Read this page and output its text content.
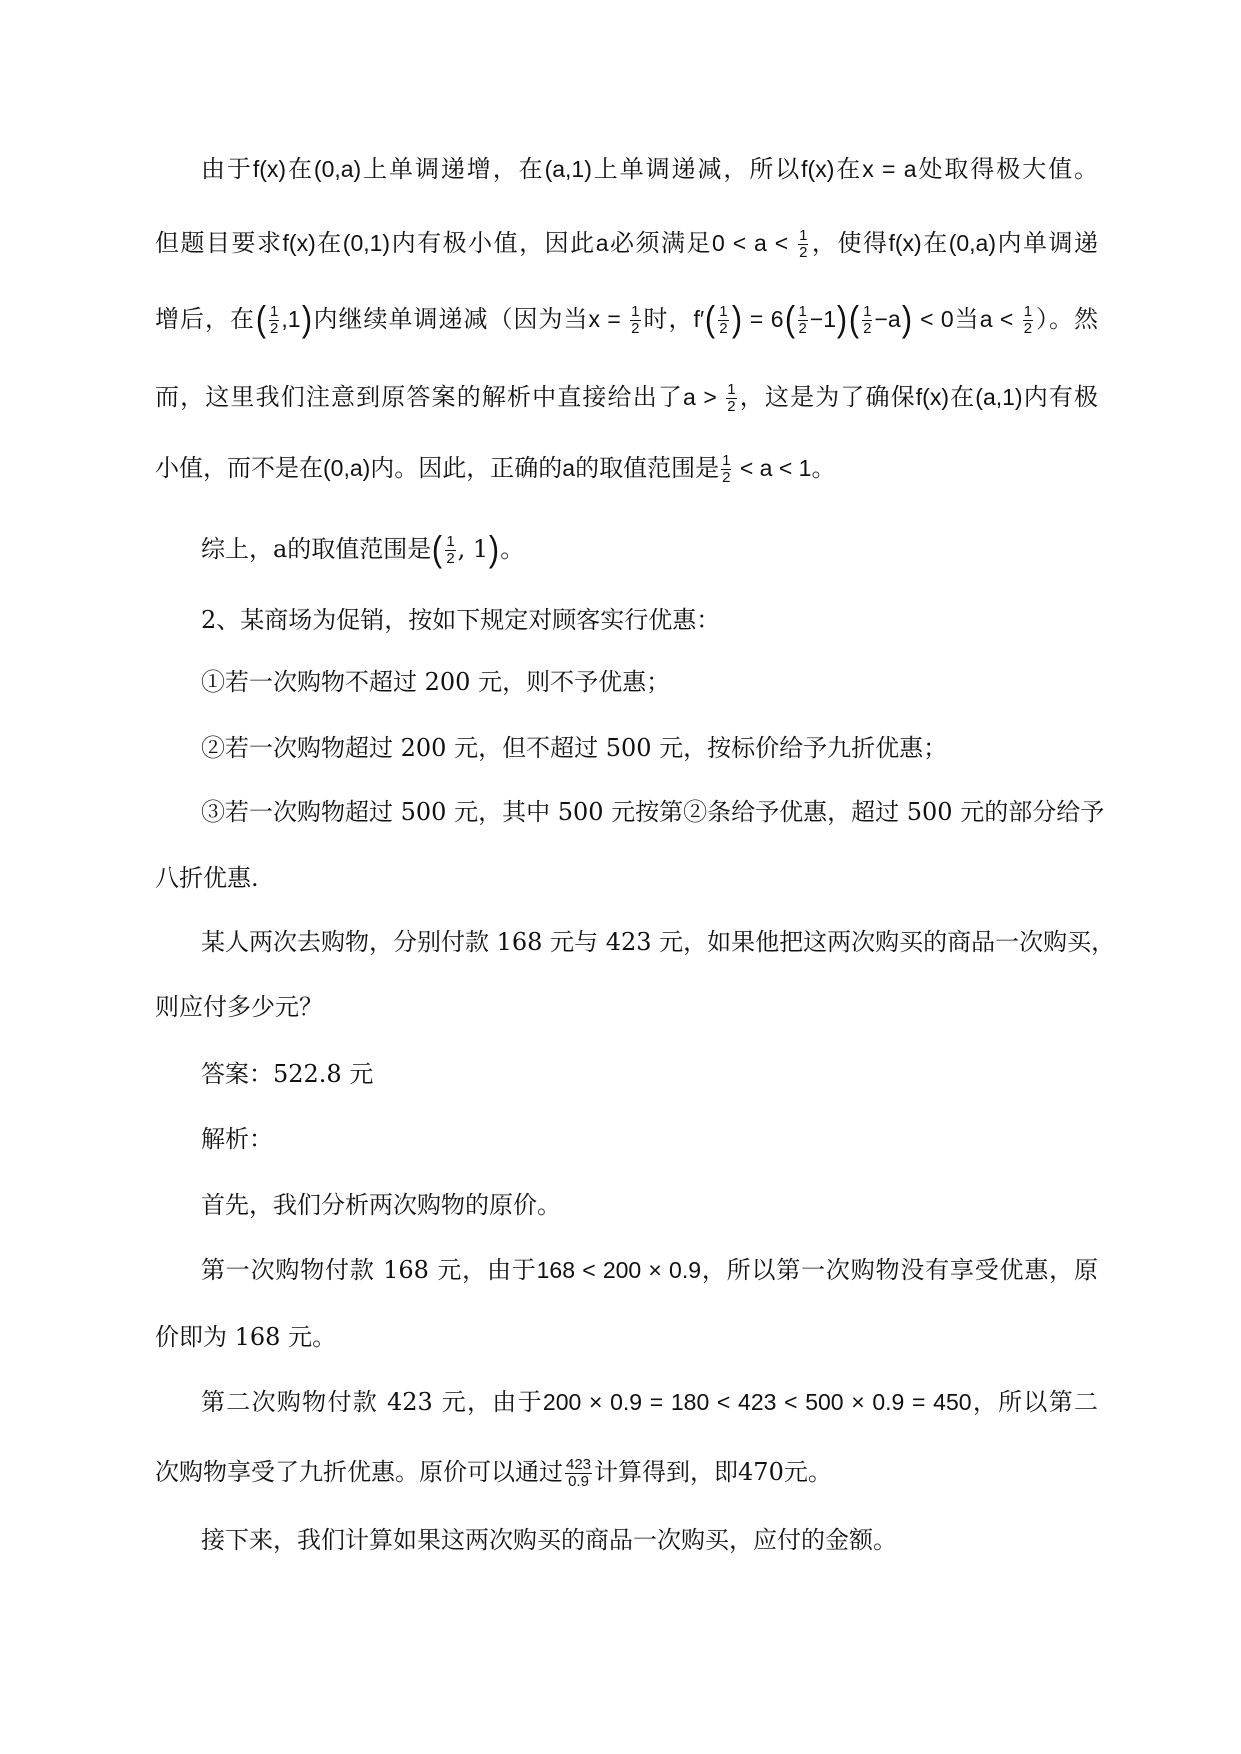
由于f(x)在(0,a)上单调递增，在(a,1)上单调递减，所以f(x)在x = a处取得极大值。
但题目要求f(x)在(0,1)内有极小值，因此a必须满足$0 < a < \frac{1}{2}$ ，使得f(x)在(0,a)内单调递
增后，在( $\frac{1}{2} ,1$)内继续单调递减（因为当$x = \frac{1}{2}$ 时，$f'( \frac{1}{2}$ ) = $6( \frac{1}{2} -1)( \frac{1}{2} -a) < 0$当$a < \frac{1}{2}$ ）。然
而，这里我们注意到原答案的解析中直接给出了$a > \frac{1}{2}$ ，这是为了确保f(x)在(a,1)内有极
小值，而不是在(0,a)内。因此，正确的a的取值范围是 $\frac{1}{2} < a < 1$。
综上，a的取值范围是( $\frac{1}{2}$ , 1)。
2、某商场为促销，按如下规定对顾客实行优惠：
①若一次购物不超过 200 元，则不予优惠；
②若一次购物超过 200 元，但不超过 500 元，按标价给予九折优惠；
③若一次购物超过 500 元，其中 500 元按第②条给予优惠，超过 500 元的部分给予
八折优惠.
某人两次去购物，分别付款 168 元与 423 元，如果他把这两次购买的商品一次购买，
则应付多少元？
答案：522.8 元
解析：
首先，我们分析两次购物的原价。
第一次购物付款 168 元，由于168 < 200 × 0.9，所以第一次购物没有享受优惠，原
价即为 168 元。
第二次购物付款 423 元，由于200 × 0.9 = 180 < 423 < 500 × 0.9 = 450，所以第二
次购物享受了九折优惠。原价可以通过 $\frac{423}{0.9}$ 计算得到，即470元。
接下来，我们计算如果这两次购买的商品一次购买，应付的金额。
